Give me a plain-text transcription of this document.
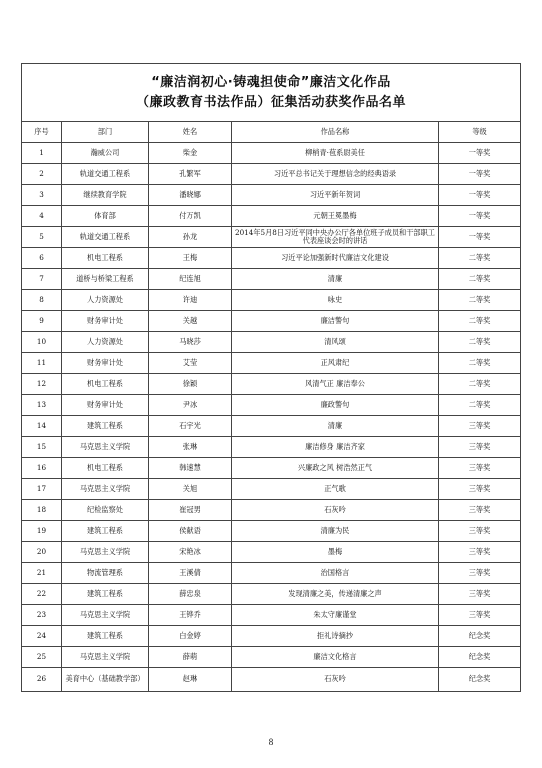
“廉洁润初心·铸魂担使命”廉洁文化作品
（廉政教育书法作品）征集活动获奖作品名单				

序号	部门	姓名	作品名称	等级
1	瀚威公司	柴金	柳梢青·苞系尉美任	一等奖
2	轨道交通工程系	孔繁军	习近平总书记关于理想信念的经典语录	一等奖
3	继续教育学院	潘晓娜	习近平新年贺词	一等奖
4	体育部	付万凯	元朝王冕墨梅	一等奖
5	轨道交通工程系	孙龙	2014年5月8日习近平同中央办公厅各单位班子成员和干部职工代表座谈会时的讲话	一等奖
6	机电工程系	王梅	习近平论加强新时代廉洁文化建设	二等奖
7	道桥与桥梁工程系	纪连旭	清廉	二等奖
8	人力资源处	许迪	咏史	二等奖
9	财务审计处	关越	廉洁警句	二等奖
10	人力资源处	马晓莎	清风颂	二等奖
11	财务审计处	艾莹	正风肃纪	二等奖
12	机电工程系	徐颖	风清气正 廉洁奉公	二等奖
13	财务审计处	尹冰	廉政警句	二等奖
14	建筑工程系	石宇光	清廉	三等奖
15	马克思主义学院	张琳	廉洁修身 廉洁齐家	三等奖
16	机电工程系	韩速慧	兴廉政之风 树浩然正气	三等奖
17	马克思主义学院	关旭	正气歌	三等奖
18	纪检监察处	崔冠男	石灰吟	三等奖
19	建筑工程系	侯献语	清廉为民	三等奖
20	马克思主义学院	宋艳冰	墨梅	三等奖
21	物流管理系	王溪倩	治国格言	三等奖
22	建筑工程系	薛忠泉	发现清廉之美，传递清廉之声	三等奖
23	马克思主义学院	王铧乔	朱太守廉谨堂	三等奖
24	建筑工程系	白金婷	拒礼诗摘抄	纪念奖
25	马克思主义学院	薛萌	廉洁文化格言	纪念奖
26	美育中心（基础教学部）	赵琳	石灰吟	纪念奖
8
